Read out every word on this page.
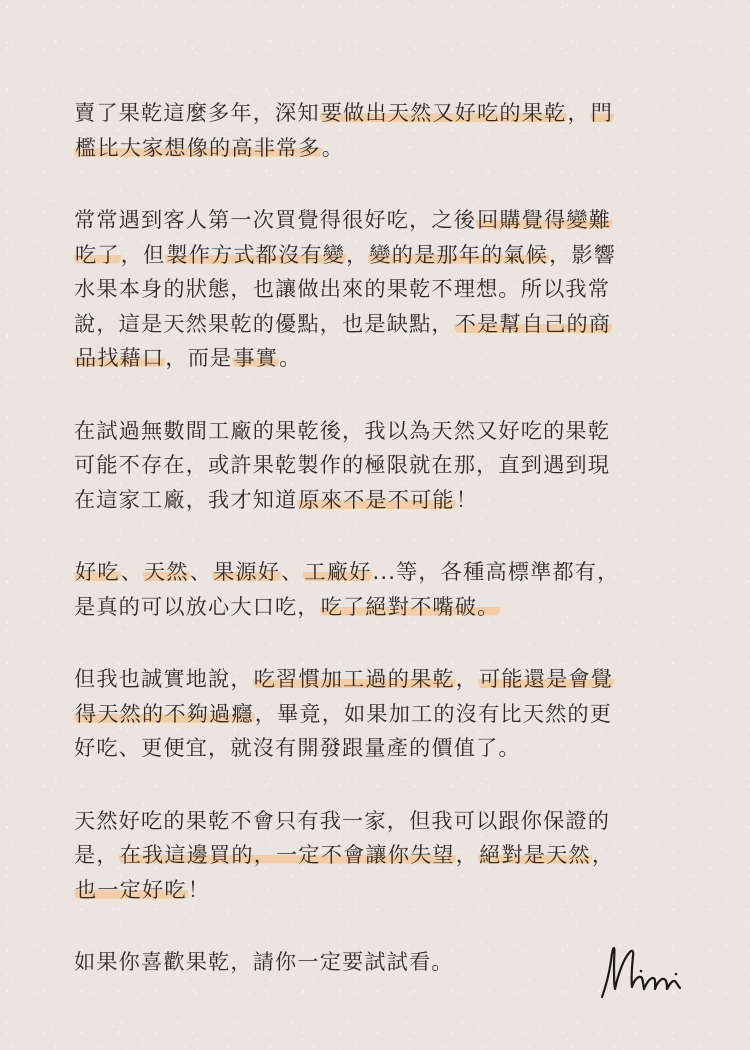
賣了果乾這麼多年，深知要做出天然又好吃的果乾，門
檻比大家想像的高非常多。
常常遇到客人第一次買覺得很好吃，之後回購覺得變難
吃了，但製作方式都沒有變，變的是那年的氣候，影響
水果本身的狀態，也讓做出來的果乾不理想。所以我常
說，這是天然果乾的優點，也是缺點，不是幫自己的商
品找藉口，而是事實。
在試過無數間工廠的果乾後，我以為天然又好吃的果乾
可能不存在，或許果乾製作的極限就在那，直到遇到現
在這家工廠，我才知道原來不是不可能！
好吃、天然、果源好、工廠好...等，各種高標準都有，
是真的可以放心大口吃，吃了絕對不嘴破。
但我也誠實地說，吃習慣加工過的果乾，可能還是會覺
得天然的不夠過癮，畢竟，如果加工的沒有比天然的更
好吃、更便宜，就沒有開發跟量產的價值了。
天然好吃的果乾不會只有我一家，但我可以跟你保證的
是，在我這邊買的，一定不會讓你失望，絕對是天然，
也一定好吃！
如果你喜歡果乾，請你一定要試試看。
